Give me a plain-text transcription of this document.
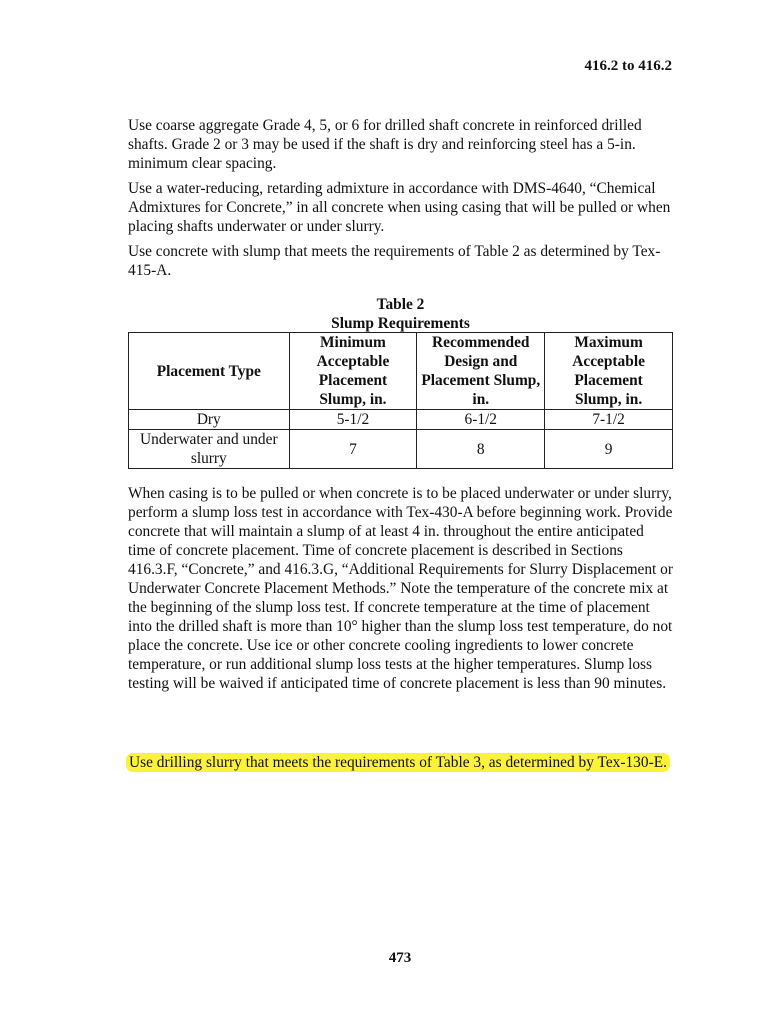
416.2 to 416.2

Use coarse aggregate Grade 4, 5, or 6 for drilled shaft concrete in reinforced drilled shafts. Grade 2 or 3 may be used if the shaft is dry and reinforcing steel has a 5-in. minimum clear spacing.

Use a water-reducing, retarding admixture in accordance with DMS-4640, “Chemical Admixtures for Concrete,” in all concrete when using casing that will be pulled or when placing shafts underwater or under slurry.

Use concrete with slump that meets the requirements of Table 2 as determined by Tex-415-A.

Table 2
Slump Requirements
Placement Type	Minimum Acceptable Placement Slump, in.	Recommended Design and Placement Slump, in.	Maximum Acceptable Placement Slump, in.
Dry	5-1/2	6-1/2	7-1/2
Underwater and under slurry	7	8	9

When casing is to be pulled or when concrete is to be placed underwater or under slurry, perform a slump loss test in accordance with Tex-430-A before beginning work. Provide concrete that will maintain a slump of at least 4 in. throughout the entire anticipated time of concrete placement. Time of concrete placement is described in Sections 416.3.F, “Concrete,” and 416.3.G, “Additional Requirements for Slurry Displacement or Underwater Concrete Placement Methods.” Note the temperature of the concrete mix at the beginning of the slump loss test. If concrete temperature at the time of placement into the drilled shaft is more than 10° higher than the slump loss test temperature, do not place the concrete. Use ice or other concrete cooling ingredients to lower concrete temperature, or run additional slump loss tests at the higher temperatures. Slump loss testing will be waived if anticipated time of concrete placement is less than 90 minutes.

Use drilling slurry that meets the requirements of Table 3, as determined by Tex-130-E.
473
